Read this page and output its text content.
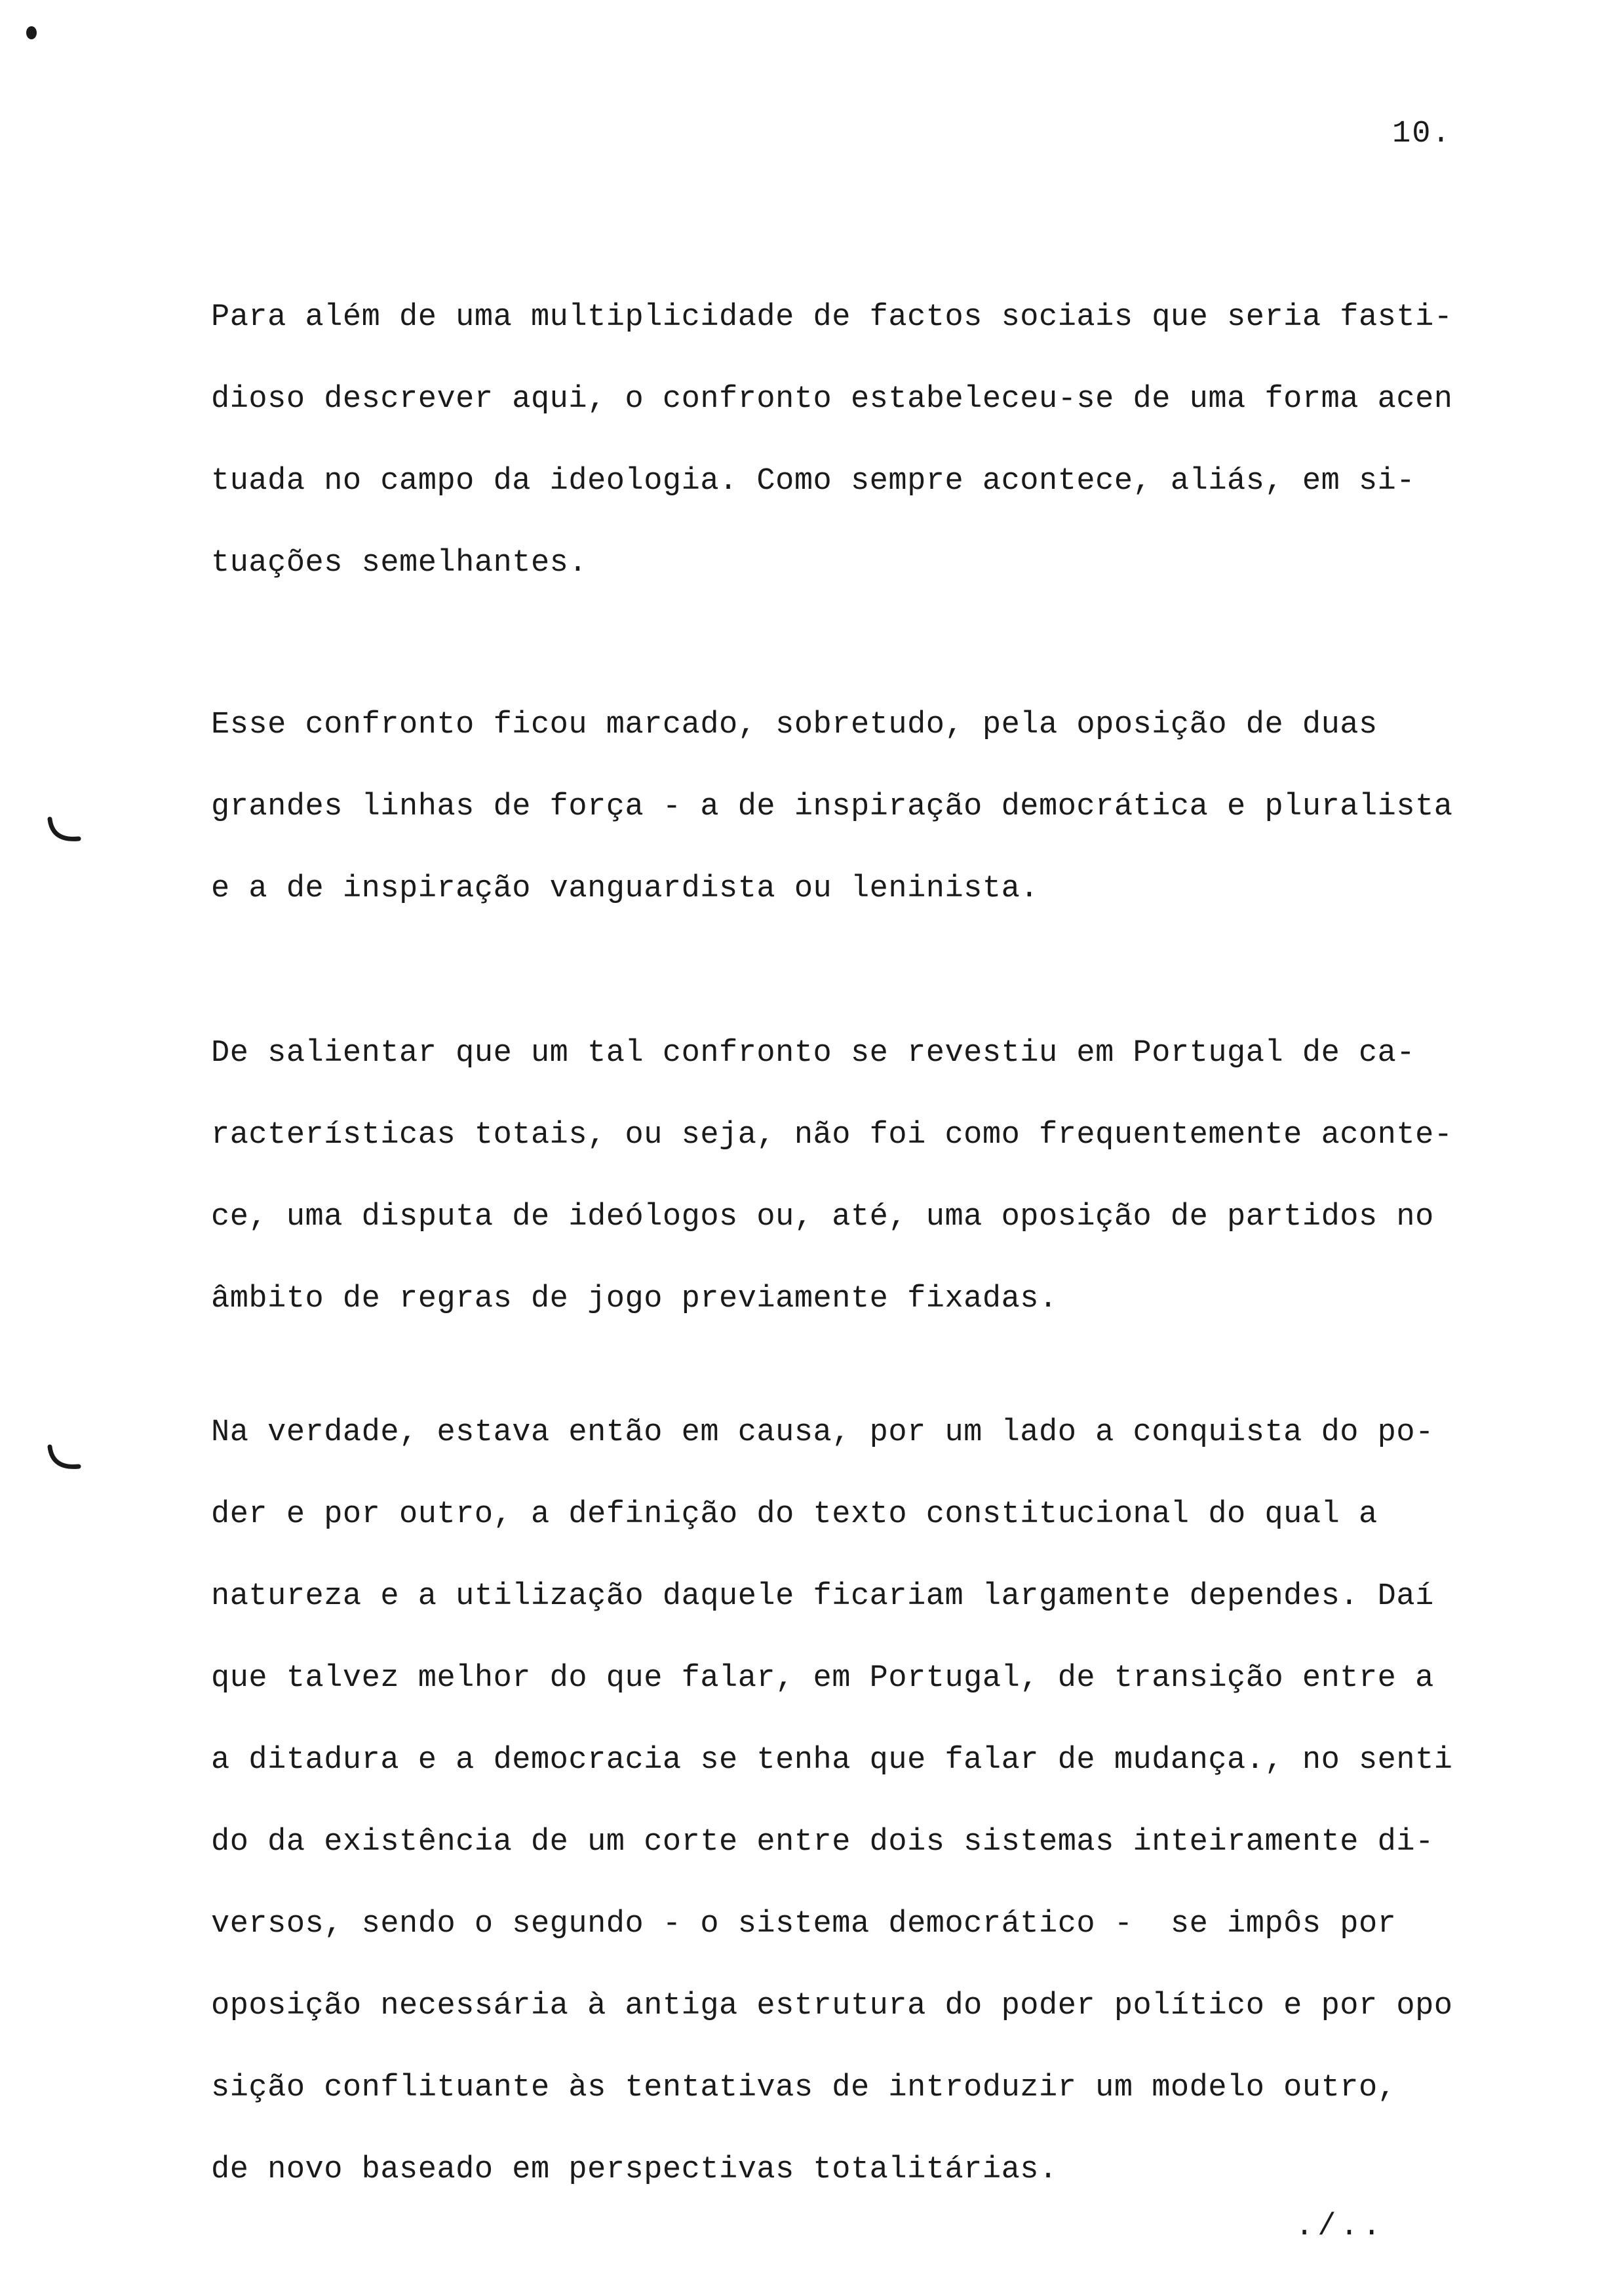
10.
Para além de uma multiplicidade de factos sociais que seria fasti-
dioso descrever aqui, o confronto estabeleceu-se de uma forma acen
tuada no campo da ideologia. Como sempre acontece, aliás, em si-
tuações semelhantes.
Esse confronto ficou marcado, sobretudo, pela oposição de duas
grandes linhas de força - a de inspiração democrática e pluralista
e a de inspiração vanguardista ou leninista.
De salientar que um tal confronto se revestiu em Portugal de ca-
racterísticas totais, ou seja, não foi como frequentemente aconte-
ce, uma disputa de ideólogos ou, até, uma oposição de partidos no
âmbito de regras de jogo previamente fixadas.
Na verdade, estava então em causa, por um lado a conquista do po-
der e por outro, a definição do texto constitucional do qual a
natureza e a utilização daquele ficariam largamente dependes. Daí
que talvez melhor do que falar, em Portugal, de transição entre a
a ditadura e a democracia se tenha que falar de mudança., no senti
do da existência de um corte entre dois sistemas inteiramente di-
versos, sendo o segundo - o sistema democrático -  se impôs por
oposição necessária à antiga estrutura do poder político e por opo
sição conflituante às tentativas de introduzir um modelo outro,
de novo baseado em perspectivas totalitárias.
./..
